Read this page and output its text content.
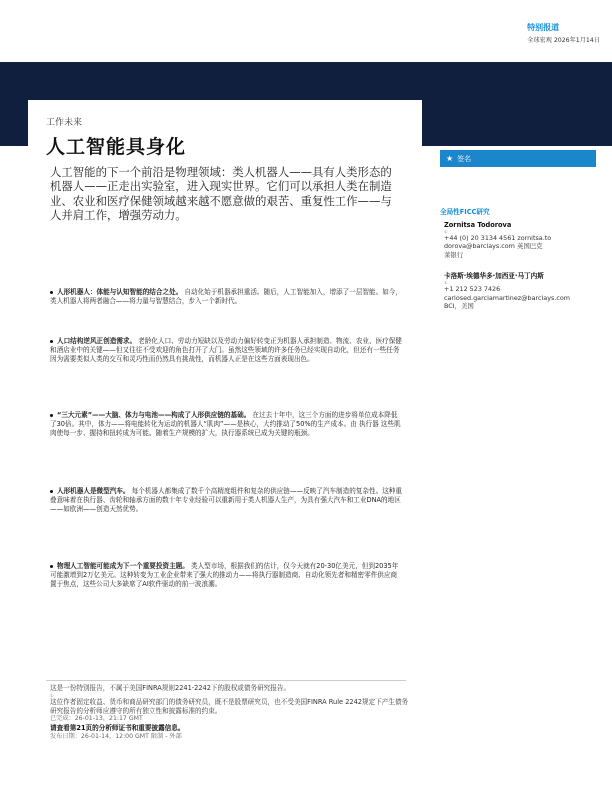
特别报道
全球宏观 2026年1月14日
工作未来
人工智能具身化
人工智能的下一个前沿是物理领域：类人机器人——具有人类形态的机器人——正走出实验室，进入现实世界。它们可以承担人类在制造业、农业和医疗保健领域越来越不愿意做的艰苦、重复性工作——与人并肩工作，增强劳动力。
人形机器人：体能与认知智能的结合之处。 自动化始于机器承担重活。随后，人工智能加入，增添了一层智能。如今，类人机器人将两者融合——将力量与智慧结合，步入一个新时代。
人口结构逆风正创造需求。 老龄化人口、劳动力短缺以及劳动力偏好转变正为机器人承担制造、物流、农业、医疗保健和酒店业中的关键——但又往往不受欢迎的角色打开了大门。虽然这些领域的许多任务已经实现自动化，但还有一些任务因为需要类似人类的交互和灵巧性而仍然具有挑战性，而机器人正是在这些方面表现出色。
“三大元素”——大脑、体力与电池——构成了人形供应链的基础。 在过去十年中，这三个方面的进步将单位成本降低了30倍。其中，体力——将电能转化为运动的机器人“肌肉”——是核心，大约推动了50%的生产成本。由 执行器 这些肌肉使每一步、握持和扭转成为可能。随着生产规模的扩大，执行器系统已成为关键的瓶颈。
人形机器人是微型汽车。 每个机器人都集成了数千个高精度组件和复杂的供应链——反映了汽车制造的复杂性。这种重叠意味着在执行器、齿轮和轴承方面的数十年专业经验可以重新用于类人机器人生产，为具有强大汽车和工业DNA的地区——如欧洲——创造天然优势。
物理人工智能可能成为下一个重要投资主题。 类人型市场，根据我们的估计，仅今天就有20-30亿美元，但到2035年可能激增到2万亿美元。这种转变为工业企业带来了强大的推动力——将执行器制造商、自动化领先者和精密零件供应商置于焦点，这些公司大多缺席了AI软件驱动的前一波浪潮。
★ 签名
全局性FICC研究
Zornitsa Todorova
①
+44 (0) 20 3134 4561 zornitsa.to
dorova@barclays.com 英国巴克
莱银行
卡洛斯·埃德华多·加西亚·马丁内斯
①
+1 212 523 7426
carlosed.garciamartinez@barclays.com
BCI，美国
这是一份特别报告，不属于美国FINRA规则2241-2242下的股权或债务研究报告。
①
这位作者固定收益、货币和商品研究部门的债务研究员，既不是股票研究员，也不受美国FINRA Rule 2242规定下产生债务研究报告的分析师应遵守的所有独立性和披露标准的约束。
已完成：26-01-13，21:17 GMT
请查看第21页的分析师证书和重要披露信息。
发布日期：26-01-14，12:00 GMT 限制 - 外部
